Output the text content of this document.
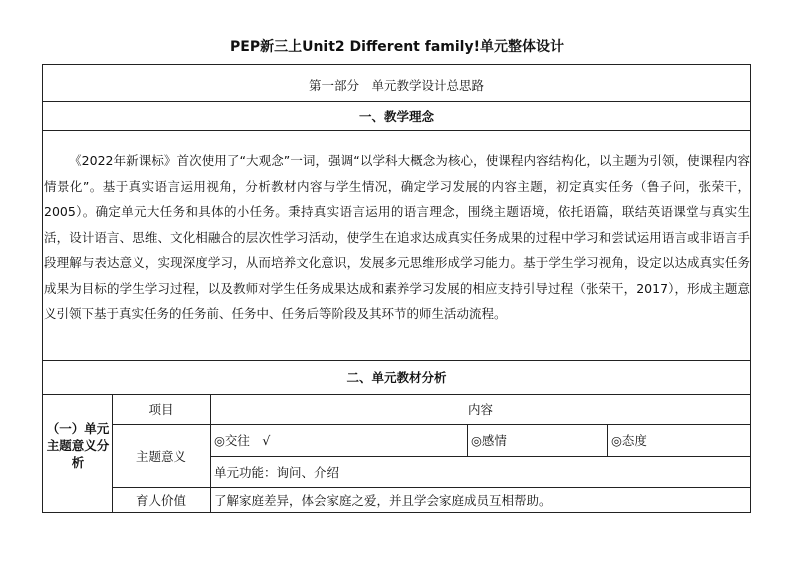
PEP新三上Unit2 Different family!单元整体设计
第一部分　单元教学设计总思路
一、教学理念

《2022年新课标》首次使用了“大观念”一词，强调“以学科大概念为核心，使课程内容结构化，以主题为引领，使课程内容情景化”。基于真实语言运用视角，分析教材内容与学生情况，确定学习发展的内容主题，初定真实任务（鲁子问，张荣干，2005）。确定单元大任务和具体的小任务。秉持真实语言运用的语言理念，围绕主题语境，依托语篇，联结英语课堂与真实生活，设计语言、思维、文化相融合的层次性学习活动，使学生在追求达成真实任务成果的过程中学习和尝试运用语言或非语言手段理解与表达意义，实现深度学习，从而培养文化意识，发展多元思维形成学习能力。基于学生学习视角，设定以达成真实任务成果为目标的学生学习过程，以及教师对学生任务成果达成和素养学习发展的相应支持引导过程（张荣干，2017），形成主题意义引领下基于真实任务的任务前、任务中、任务后等阶段及其环节的师生活动流程。

二、单元教材分析
（一）单元主题意义分析
项目	内容
主题意义
◎交往　√	◎感情	◎态度
单元功能：询问、介绍
育人价值	了解家庭差异，体会家庭之爱，并且学会家庭成员互相帮助。
